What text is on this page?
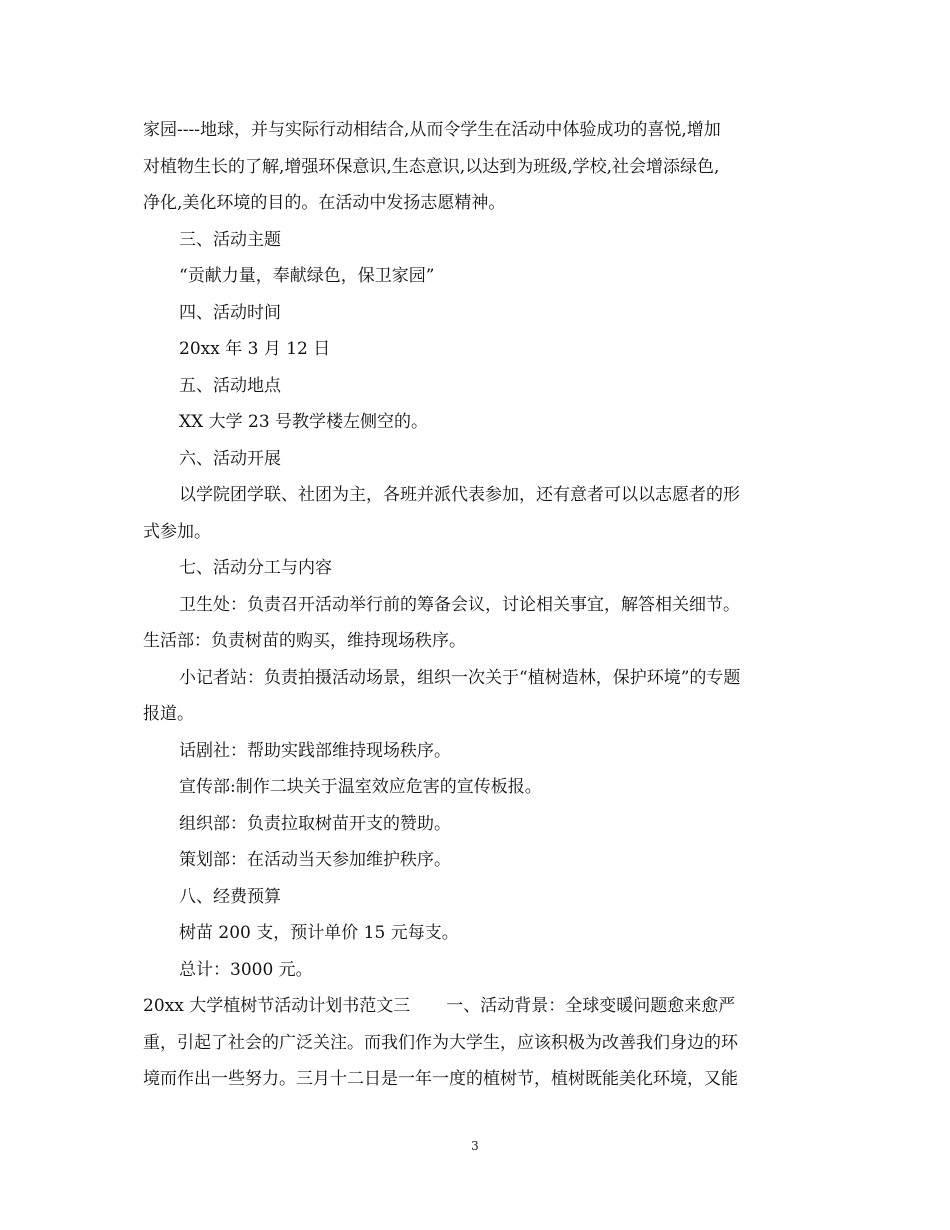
家园----地球，并与实际行动相结合,从而令学生在活动中体验成功的喜悦,增加
对植物生长的了解,增强环保意识,生态意识,以达到为班级,学校,社会增添绿色,
净化,美化环境的目的。在活动中发扬志愿精神。
三、活动主题
“贡献力量，奉献绿色，保卫家园”
四、活动时间
20xx 年 3 月 12 日
五、活动地点
XX 大学 23 号教学楼左侧空的。
六、活动开展
以学院团学联、社团为主，各班并派代表参加，还有意者可以以志愿者的形
式参加。
七、活动分工与内容
卫生处：负责召开活动举行前的筹备会议，讨论相关事宜，解答相关细节。
生活部：负责树苗的购买，维持现场秩序。
小记者站：负责拍摄活动场景，组织一次关于“植树造林，保护环境”的专题
报道。
话剧社：帮助实践部维持现场秩序。
宣传部:制作二块关于温室效应危害的宣传板报。
组织部：负责拉取树苗开支的赞助。
策划部：在活动当天参加维护秩序。
八、经费预算
树苗 200 支，预计单价 15 元每支。
总计：3000 元。
20xx 大学植树节活动计划书范文三 一、活动背景：全球变暖问题愈来愈严
重，引起了社会的广泛关注。而我们作为大学生，应该积极为改善我们身边的环
境而作出一些努力。三月十二日是一年一度的植树节，植树既能美化环境，又能
3
